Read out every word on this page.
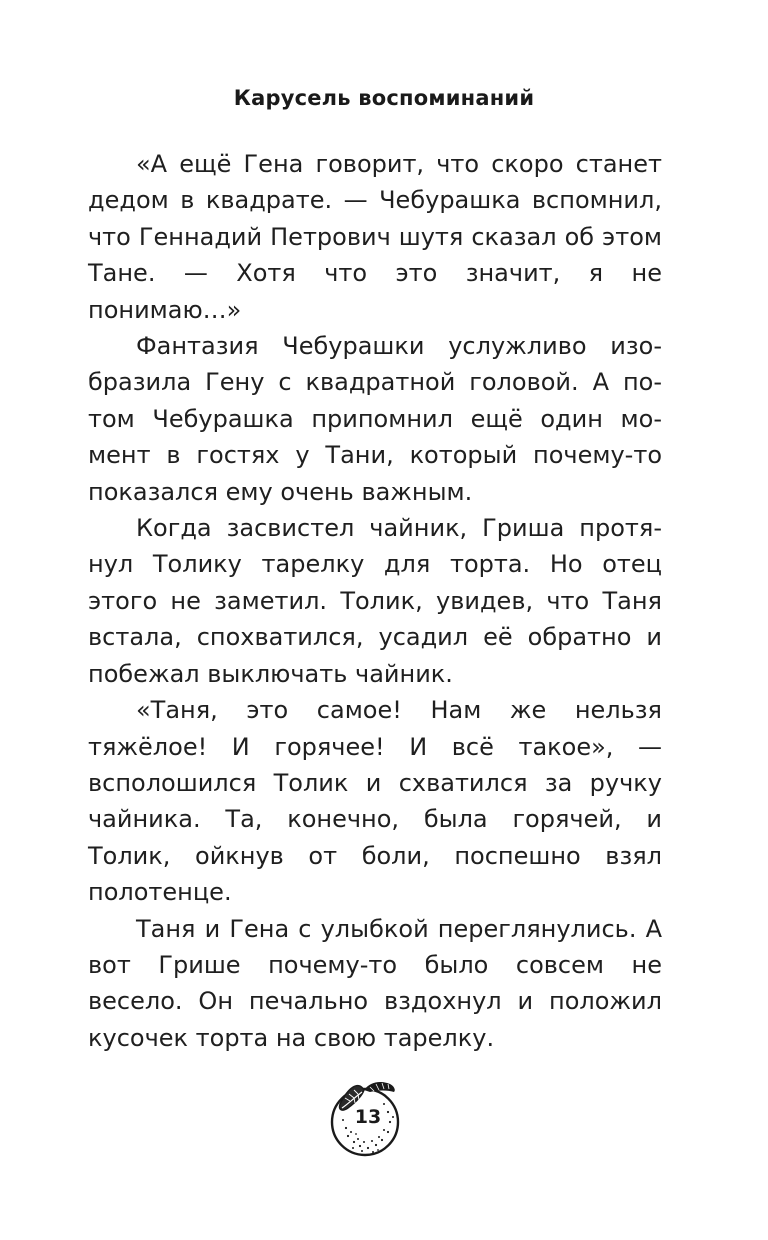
Карусель воспоминаний

«А ещё Гена говорит, что скоро станет дедом в квадрате. — Чебурашка вспомнил, что Геннадий Петрович шутя сказал об этом Тане. — Хотя что это значит, я не понимаю…»

Фантазия Чебурашки услужливо изобразила Гену с квадратной головой. А потом Чебурашка припомнил ещё один момент в гостях у Тани, который почему-то показался ему очень важным.

Когда засвистел чайник, Гриша протянул Толику тарелку для торта. Но отец этого не заметил. Толик, увидев, что Таня встала, спохватился, усадил её обратно и побежал выключать чайник.

«Таня, это самое! Нам же нельзя тяжёлое! И горячее! И всё такое», — всполошился Толик и схватился за ручку чайника. Та, конечно, была горячей, и Толик, ойкнув от боли, поспешно взял полотенце.

Таня и Гена с улыбкой переглянулись. А вот Грише почему-то было совсем не весело. Он печально вздохнул и положил кусочек торта на свою тарелку.

13
